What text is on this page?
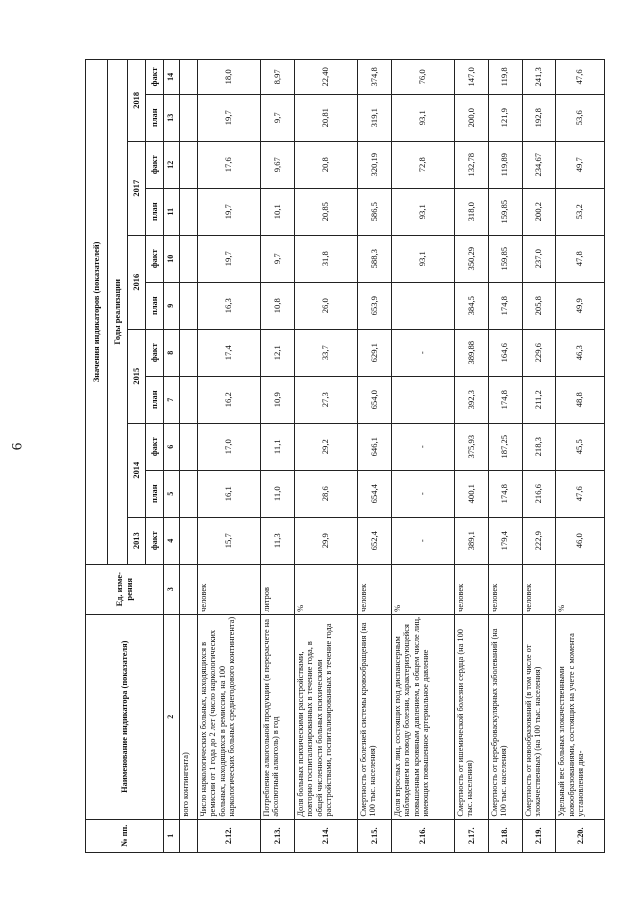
6
№ пп.	Наименование индикатора (показателя)	Ед. изме-рения	Значения индикаторов (показателей)										
			Годы реализации										
			2013	2014		2015		2016		2017		2018	
			факт	план	факт	план	факт	план	факт	план	факт	план	факт
1	2	3	4	5	6	7	8	9	10	11	12	13	14
	вого контингента)												
2.12.	Число наркологических больных, находящихся в ремиссии от 1 года до 2 лет (число наркологических больных, находящихся в ремиссии, на 100 наркологических больных среднегодового контингента)	человек	15,7	16,1	17,0	16,2	17,4	16,3	19,7	19,7	17,6	19,7	18,0
2.13.	Потребление алкогольной продукции (в перерасчете на абсолютный алкоголь) в год	литров	11,3	11,0	11,1	10,9	12,1	10,8	9,7	10,1	9,67	9,7	8,97
2.14.	Доля больных психическими расстройствами, повторно госпитализированных в течение года, в общей численности больных психическими расстройствами, госпитализированных в течение года	%	29,9	28,6	29,2	27,3	33,7	26,0	31,8	20,85	20,8	20,81	22,40
2.15.	Смертность от болезней системы кровообращения (на 100 тыс. населения)	человек	652,4	654,4	646,1	654,0	629,1	653,9	588,3	586,5	320,19	319,1	374,8
2.16.	Доля взрослых лиц, состоящих под диспансерным наблюдением по поводу болезни, характеризующейся повышенным кровяным давлением, в общем числе лиц, имеющих повышенное артериальное давление	%	-	-	-		-		93,1	93,1	72,8	93,1	76,0
2.17.	Смертность от ишемической болезни сердца (на 100 тыс. населения)	человек	389,1	400,1	375,93	392,3	389,88	384,5	350,29	318,0	132,78	200,0	147,0
2.18.	Смертность от цереброваскулярных заболеваний (на 100 тыс. населения)	человек	179,4	174,8	187,25	174,8	164,6	174,8	159,85	159,85	119,89	121,9	119,8
2.19.	Смертность от новообразований (в том числе от злокачественных) (на 100 тыс. населения)	человек	222,9	216,6	218,3	211,2	229,6	205,8	237,0	200,2	234,67	192,8	241,3
2.20.	Удельный вес больных злокачественными новообразованиями, состоящих на учете с момента установления диа-	%	46,0	47,6	45,5	48,8	46,3	49,9	47,8	53,2	49,7	53,6	47,6
